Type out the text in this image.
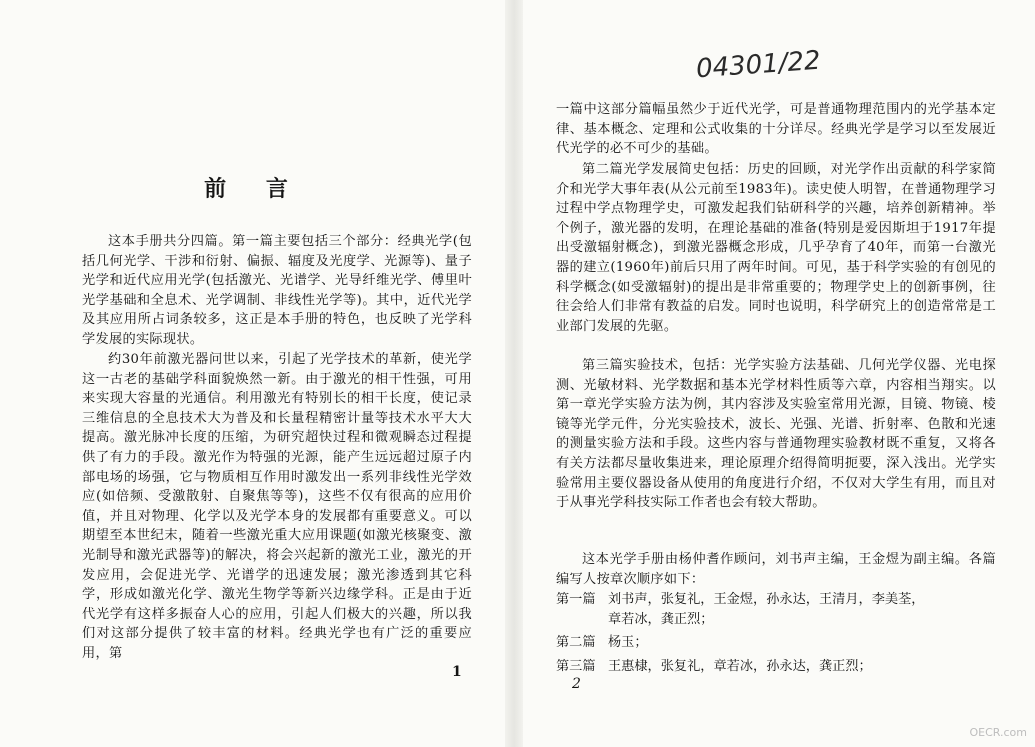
前 言

这本手册共分四篇。第一篇主要包括三个部分：经典光学(包括几何光学、干涉和衍射、偏振、辐度及光度学、光源等)、量子光学和近代应用光学(包括激光、光谱学、光导纤维光学、傅里叶光学基础和全息术、光学调制、非线性光学等)。其中，近代光学及其应用所占词条较多，这正是本手册的特色，也反映了光学科学发展的实际现状。

约30年前激光器问世以来，引起了光学技术的革新，使光学这一古老的基础学科面貌焕然一新。由于激光的相干性强，可用来实现大容量的光通信。利用激光有特别长的相干长度，使记录三维信息的全息技术大为普及和长量程精密计量等技术水平大大提高。激光脉冲长度的压缩，为研究超快过程和微观瞬态过程提供了有力的手段。激光作为特强的光源，能产生远远超过原子内部电场的场强，它与物质相互作用时激发出一系列非线性光学效应(如倍频、受激散射、自聚焦等等)，这些不仅有很高的应用价值，并且对物理、化学以及光学本身的发展都有重要意义。可以期望至本世纪末，随着一些激光重大应用课题(如激光核聚变、激光制导和激光武器等)的解决，将会兴起新的激光工业，激光的开发应用，会促进光学、光谱学的迅速发展；激光渗透到其它科学，形成如激光化学、激光生物学等新兴边缘学科。正是由于近代光学有这样多振奋人心的应用，引起人们极大的兴趣，所以我们对这部分提供了较丰富的材料。经典光学也有广泛的重要应用，第

1
04301/22

一篇中这部分篇幅虽然少于近代光学，可是普通物理范围内的光学基本定律、基本概念、定理和公式收集的十分详尽。经典光学是学习以至发展近代光学的必不可少的基础。

第二篇光学发展简史包括：历史的回顾，对光学作出贡献的科学家简介和光学大事年表(从公元前至1983年)。读史使人明智，在普通物理学习过程中学点物理学史，可激发起我们钻研科学的兴趣，培养创新精神。举个例子，激光器的发明，在理论基础的准备(特别是爱因斯坦于1917年提出受激辐射概念)，到激光器概念形成，几乎孕育了40年，而第一台激光器的建立(1960年)前后只用了两年时间。可见，基于科学实验的有创见的科学概念(如受激辐射)的提出是非常重要的；物理学史上的创新事例，往往会给人们非常有教益的启发。同时也说明，科学研究上的创造常常是工业部门发展的先驱。

第三篇实验技术，包括：光学实验方法基础、几何光学仪器、光电探测、光敏材料、光学数据和基本光学材料性质等六章，内容相当翔实。以第一章光学实验方法为例，其内容涉及实验室常用光源，目镜、物镜、棱镜等光学元件，分光实验技术，波长、光强、光谱、折射率、色散和光速的测量实验方法和手段。这些内容与普通物理实验教材既不重复，又将各有关方法都尽量收集进来，理论原理介绍得简明扼要，深入浅出。光学实验常用主要仪器设备从使用的角度进行介绍，不仅对大学生有用，而且对于从事光学科技实际工作者也会有较大帮助。

这本光学手册由杨仲耆作顾问，刘书声主编，王金煜为副主编。各篇编写人按章次顺序如下：

第一篇 刘书声，张复礼，王金煜，孙永达，王清月，李美荃，
章若冰，龚正烈；
第二篇 杨玉；
第三篇 王惠棣，张复礼，章若冰，孙永达，龚正烈；
2
OECR.com
